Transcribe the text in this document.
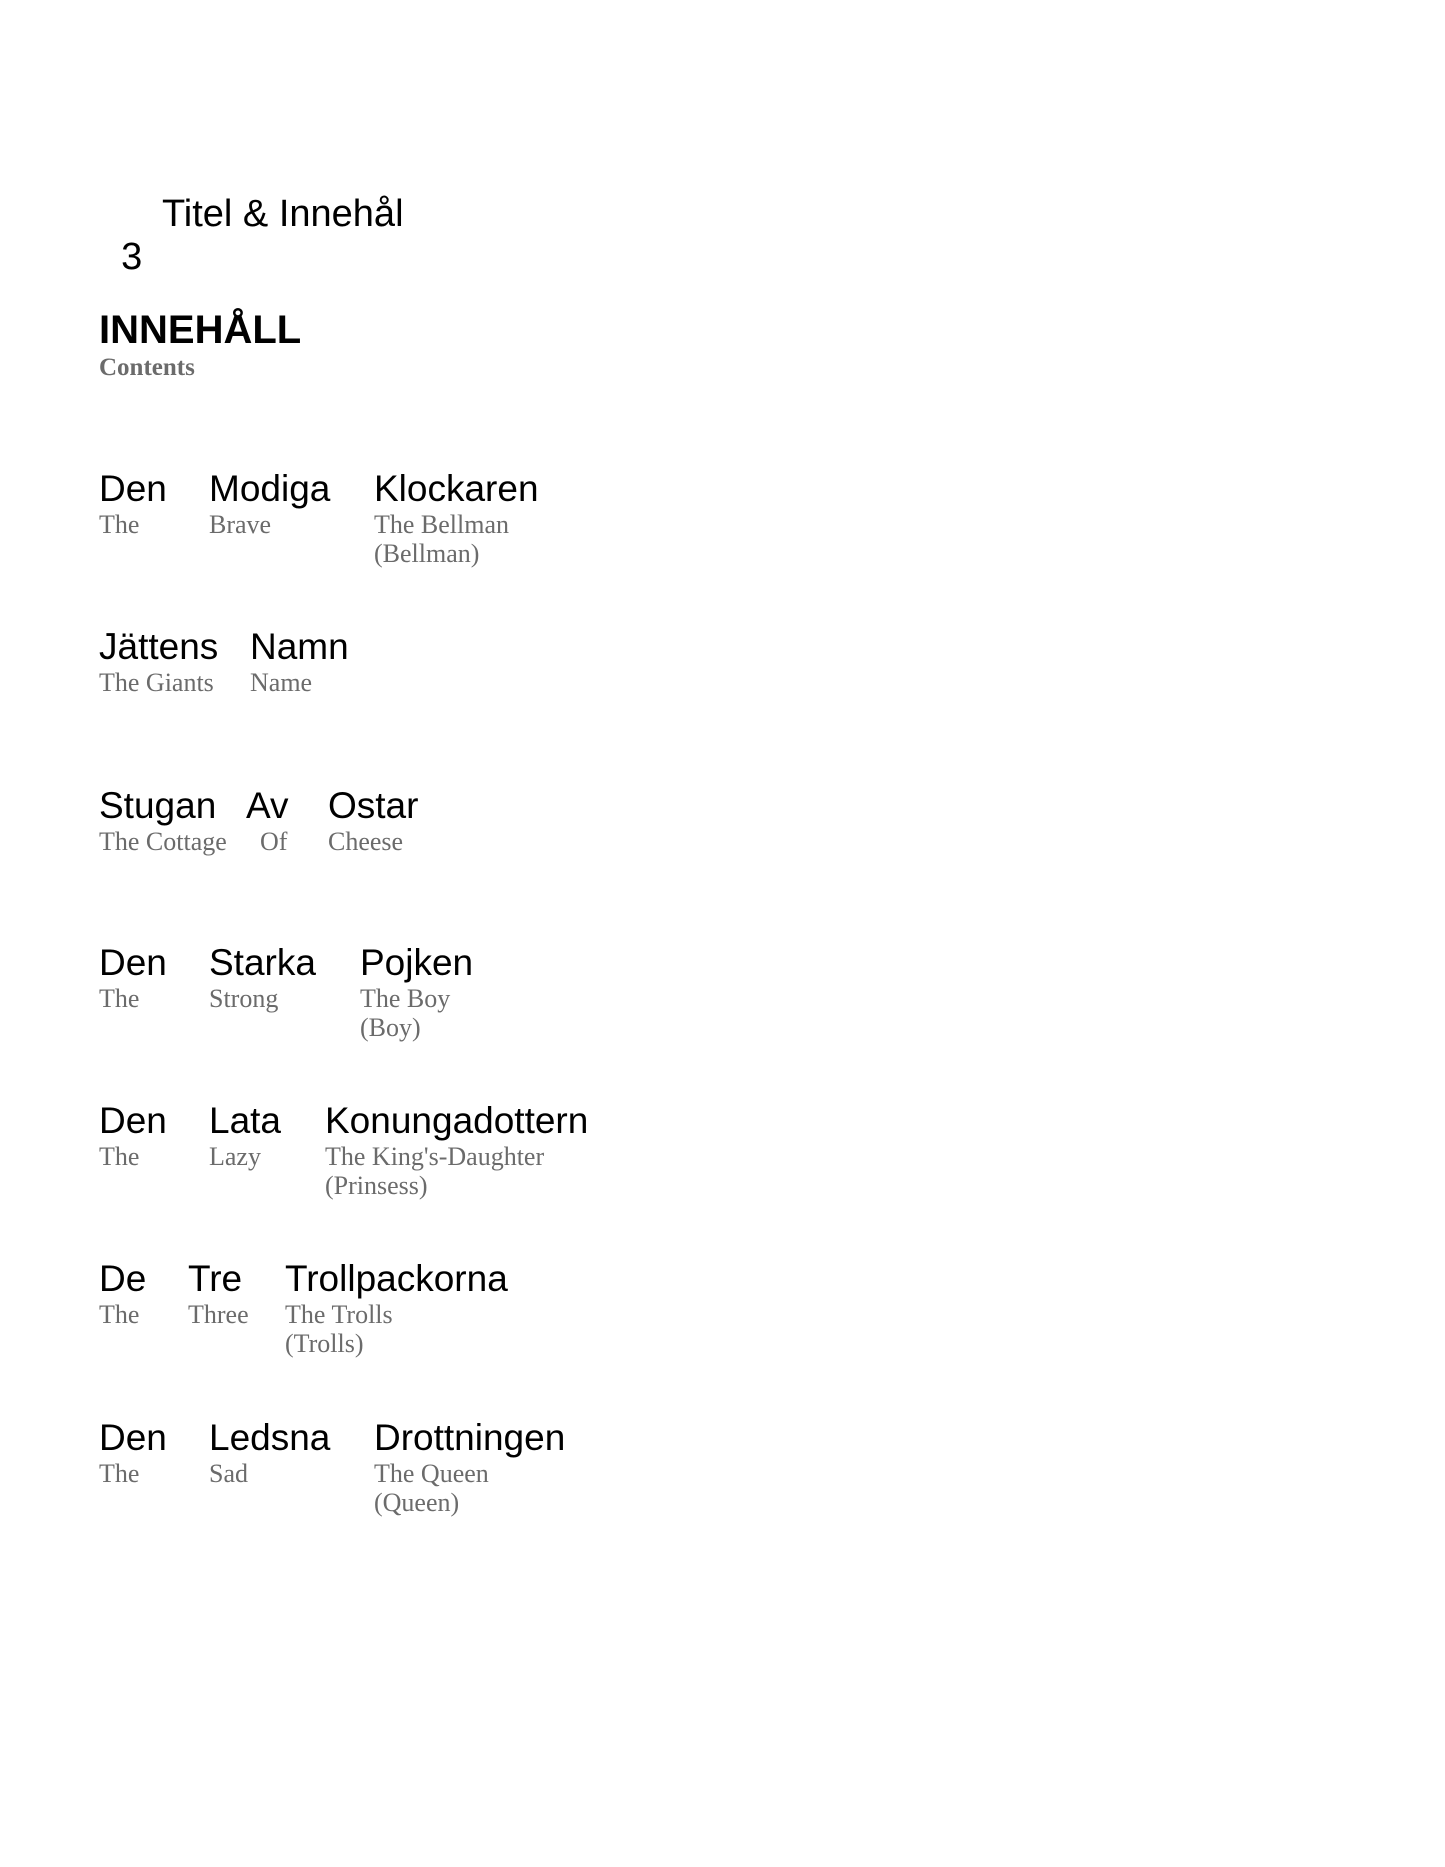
3

Titel & Innehål

INNEHÅLL
Contents
Den
The
Modiga
Brave
Klockaren
The Bellman
(Bellman)
Jättens
The Giants
Namn
Name
Stugan
The Cottage
Av
Of
Ostar
Cheese
Den
The
Starka
Strong
Pojken
The Boy
(Boy)
Den
The
Lata
Lazy
Konungadottern
The King's-Daughter
(Prinsess)
De
The
Tre
Three
Trollpackorna
The Trolls
(Trolls)
Den
The
Ledsna
Sad
Drottningen
The Queen
(Queen)
